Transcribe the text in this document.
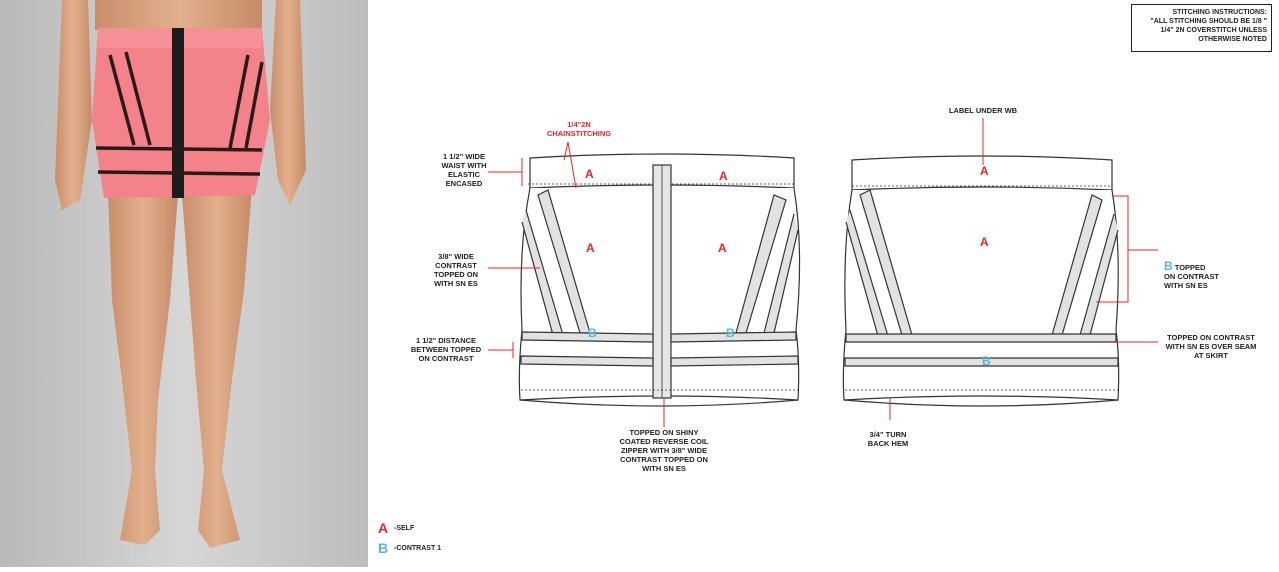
STITCHING INSTRUCTIONS:
"ALL STITCHING SHOULD BE 1/8 "
1/4" 2N COVERSTITCH UNLESS
OTHERWISE NOTED
1/4"2N
CHAINSTITCHING
1 1/2" WIDE
WAIST WITH
ELASTIC
ENCASED
3/8" WIDE
CONTRAST
TOPPED ON
WITH SN ES
1 1/2" DISTANCE
BETWEEN TOPPED
ON CONTRAST
TOPPED ON SHINY
COATED REVERSE COIL
ZIPPER WITH 3/8" WIDE
CONTRAST TOPPED ON
WITH SN ES
LABEL UNDER WB
B TOPPED
ON CONTRAST
WITH SN ES
TOPPED ON CONTRAST
WITH SN ES OVER SEAM
AT SKIRT
3/4" TURN
BACK HEM
A	A
A	A
B	B
A
A
B
A -SELF
B -CONTRAST 1
